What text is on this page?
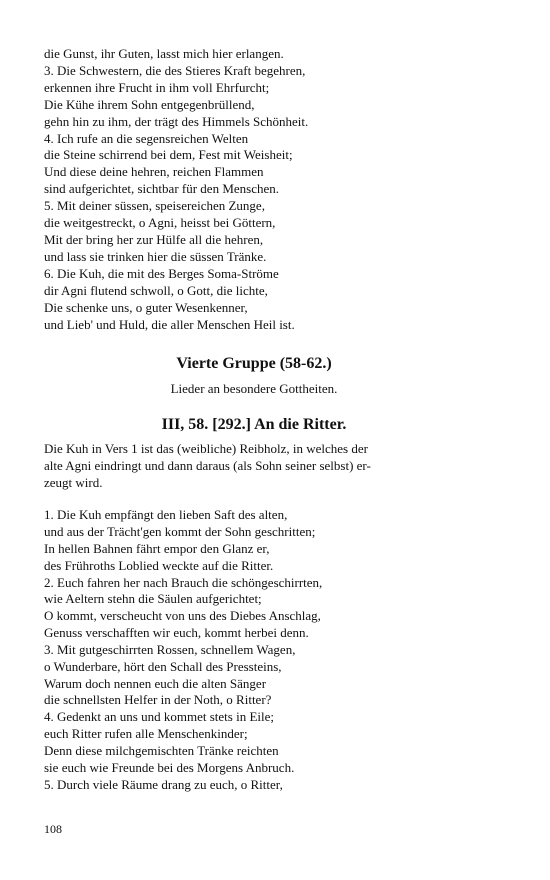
die Gunst, ihr Guten, lasst mich hier erlangen.
3. Die Schwestern, die des Stieres Kraft begehren,
erkennen ihre Frucht in ihm voll Ehrfurcht;
Die Kühe ihrem Sohn entgegenbrüllend,
gehn hin zu ihm, der trägt des Himmels Schönheit.
4. Ich rufe an die segensreichen Welten
die Steine schirrend bei dem, Fest mit Weisheit;
Und diese deine hehren, reichen Flammen
sind aufgerichtet, sichtbar für den Menschen.
5. Mit deiner süssen, speisereichen Zunge,
die weitgestreckt, o Agni, heisst bei Göttern,
Mit der bring her zur Hülfe all die hehren,
und lass sie trinken hier die süssen Tränke.
6. Die Kuh, die mit des Berges Soma-Ströme
dir Agni flutend schwoll, o Gott, die lichte,
Die schenke uns, o guter Wesenkenner,
und Lieb' und Huld, die aller Menschen Heil ist.
Vierte Gruppe (58-62.)
Lieder an besondere Gottheiten.
III, 58. [292.] An die Ritter.
Die Kuh in Vers 1 ist das (weibliche) Reibholz, in welches der
alte Agni eindringt und dann daraus (als Sohn seiner selbst) er-
zeugt wird.
1. Die Kuh empfängt den lieben Saft des alten,
und aus der Trächt'gen kommt der Sohn geschritten;
In hellen Bahnen fährt empor den Glanz er,
des Frühroths Loblied weckte auf die Ritter.
2. Euch fahren her nach Brauch die schöngeschirrten,
wie Aeltern stehn die Säulen aufgerichtet;
O kommt, verscheucht von uns des Diebes Anschlag,
Genuss verschafften wir euch, kommt herbei denn.
3. Mit gutgeschirrten Rossen, schnellem Wagen,
o Wunderbare, hört den Schall des Pressteins,
Warum doch nennen euch die alten Sänger
die schnellsten Helfer in der Noth, o Ritter?
4. Gedenkt an uns und kommet stets in Eile;
euch Ritter rufen alle Menschenkinder;
Denn diese milchgemischten Tränke reichten
sie euch wie Freunde bei des Morgens Anbruch.
5. Durch viele Räume drang zu euch, o Ritter,
108
